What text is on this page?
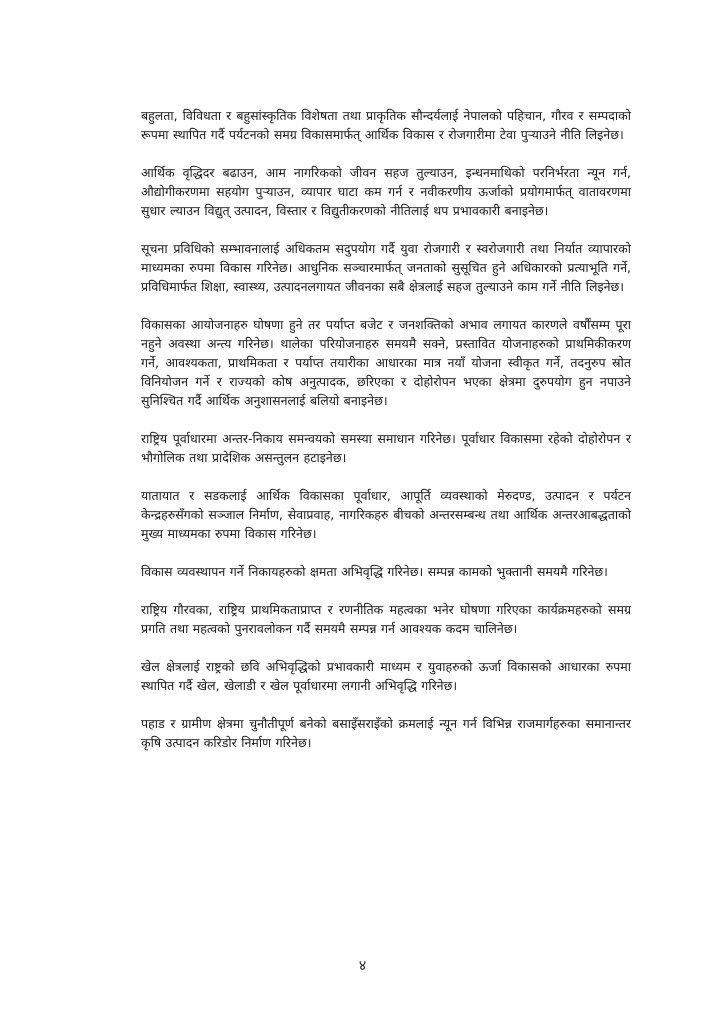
बहुलता, विविधता र बहुसांस्कृतिक विशेषता तथा प्राकृतिक सौन्दर्यलाई नेपालको पहिचान, गौरव र सम्पदाको रूपमा स्थापित गर्दै पर्यटनको समग्र विकासमार्फत् आर्थिक विकास र रोजगारीमा टेवा पुऱ्याउने नीति लिइनेछ।

आर्थिक वृद्धिदर बढाउन, आम नागरिकको जीवन सहज तुल्याउन, इन्धनमाथिको परनिर्भरता न्यून गर्न, औद्योगीकरणमा सहयोग पुऱ्याउन, व्यापार घाटा कम गर्न र नवीकरणीय ऊर्जाको प्रयोगमार्फत् वातावरणमा सुधार ल्याउन विद्युत् उत्पादन, विस्तार र विद्युतीकरणको नीतिलाई थप प्रभावकारी बनाइनेछ।

सूचना प्रविधिको सम्भावनालाई अधिकतम सदुपयोग गर्दै युवा रोजगारी र स्वरोजगारी तथा निर्यात व्यापारको माध्यमका रुपमा विकास गरिनेछ। आधुनिक सञ्चारमार्फत् जनताको सुसूचित हुने अधिकारको प्रत्याभूति गर्ने, प्रविधिमार्फत शिक्षा, स्वास्थ्य, उत्पादनलगायत जीवनका सबै क्षेत्रलाई सहज तुल्याउने काम गर्ने नीति लिइनेछ।

विकासका आयोजनाहरु घोषणा हुने तर पर्याप्त बजेट र जनशक्तिको अभाव लगायत कारणले वर्षौंसम्म पूरा नहुने अवस्था अन्त्य गरिनेछ। थालेका परियोजनाहरु समयमै सक्ने, प्रस्तावित योजनाहरुको प्राथमिकीकरण गर्ने, आवश्यकता, प्राथमिकता र पर्याप्त तयारीका आधारका मात्र नयाँ योजना स्वीकृत गर्ने, तदनुरुप स्रोत विनियोजन गर्ने र राज्यको कोष अनुत्पादक, छरिएका र दोहोरोपन भएका क्षेत्रमा दुरुपयोग हुन नपाउने सुनिश्चित गर्दै आर्थिक अनुशासनलाई बलियो बनाइनेछ।

राष्ट्रिय पूर्वाधारमा अन्तर-निकाय समन्वयको समस्या समाधान गरिनेछ। पूर्वाधार विकासमा रहेको दोहोरोपन र भौगोलिक तथा प्रादेशिक असन्तुलन हटाइनेछ।

यातायात र सडकलाई आर्थिक विकासका पूर्वाधार, आपूर्ति व्यवस्थाको मेरुदण्ड, उत्पादन र पर्यटन केन्द्रहरुसँगको सञ्जाल निर्माण, सेवाप्रवाह, नागरिकहरु बीचको अन्तरसम्बन्ध तथा आर्थिक अन्तरआबद्धताको मुख्य माध्यमका रुपमा विकास गरिनेछ।

विकास व्यवस्थापन गर्ने निकायहरुको क्षमता अभिवृद्धि गरिनेछ। सम्पन्न कामको भुक्तानी समयमै गरिनेछ।

राष्ट्रिय गौरवका, राष्ट्रिय प्राथमिकताप्राप्त र रणनीतिक महत्वका भनेर घोषणा गरिएका कार्यक्रमहरुको समग्र प्रगति तथा महत्वको पुनरावलोकन गर्दै समयमै सम्पन्न गर्न आवश्यक कदम चालिनेछ।

खेल क्षेत्रलाई राष्ट्रको छवि अभिवृद्धिको प्रभावकारी माध्यम र युवाहरुको ऊर्जा विकासको आधारका रुपमा स्थापित गर्दै खेल, खेलाडी र खेल पूर्वाधारमा लगानी अभिवृद्धि गरिनेछ।

पहाड र ग्रामीण क्षेत्रमा चुनौतीपूर्ण बनेको बसाइँसराइँको क्रमलाई न्यून गर्न विभिन्न राजमार्गहरुका समानान्तर कृषि उत्पादन करिडोर निर्माण गरिनेछ।

४
